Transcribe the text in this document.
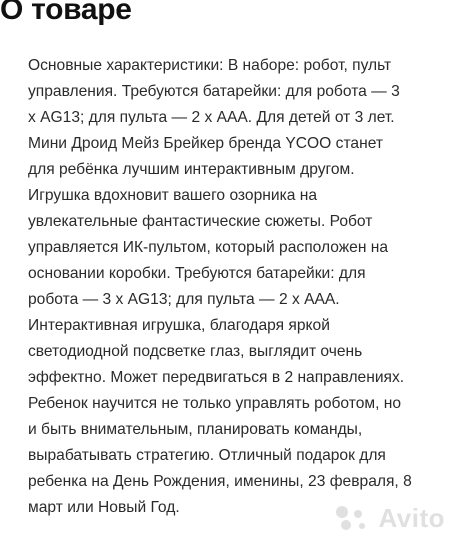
О товаре

Основные характеристики: В наборе: робот, пульт
управления. Требуются батарейки: для робота — 3
х AG13; для пульта — 2 х ААА. Для детей от 3 лет.
Мини Дроид Мейз Брейкер бренда YCOO станет
для ребёнка лучшим интерактивным другом.
Игрушка вдохновит вашего озорника на
увлекательные фантастические сюжеты. Робот
управляется ИК-пультом, который расположен на
основании коробки. Требуются батарейки: для
робота — 3 х AG13; для пульта — 2 х ААА.
Интерактивная игрушка, благодаря яркой
светодиодной подсветке глаз, выглядит очень
эффектно. Может передвигаться в 2 направлениях.
Ребенок научится не только управлять роботом, но
и быть внимательным, планировать команды,
вырабатывать стратегию. Отличный подарок для
ребенка на День Рождения, именины, 23 февраля, 8
март или Новый Год.	Avito
